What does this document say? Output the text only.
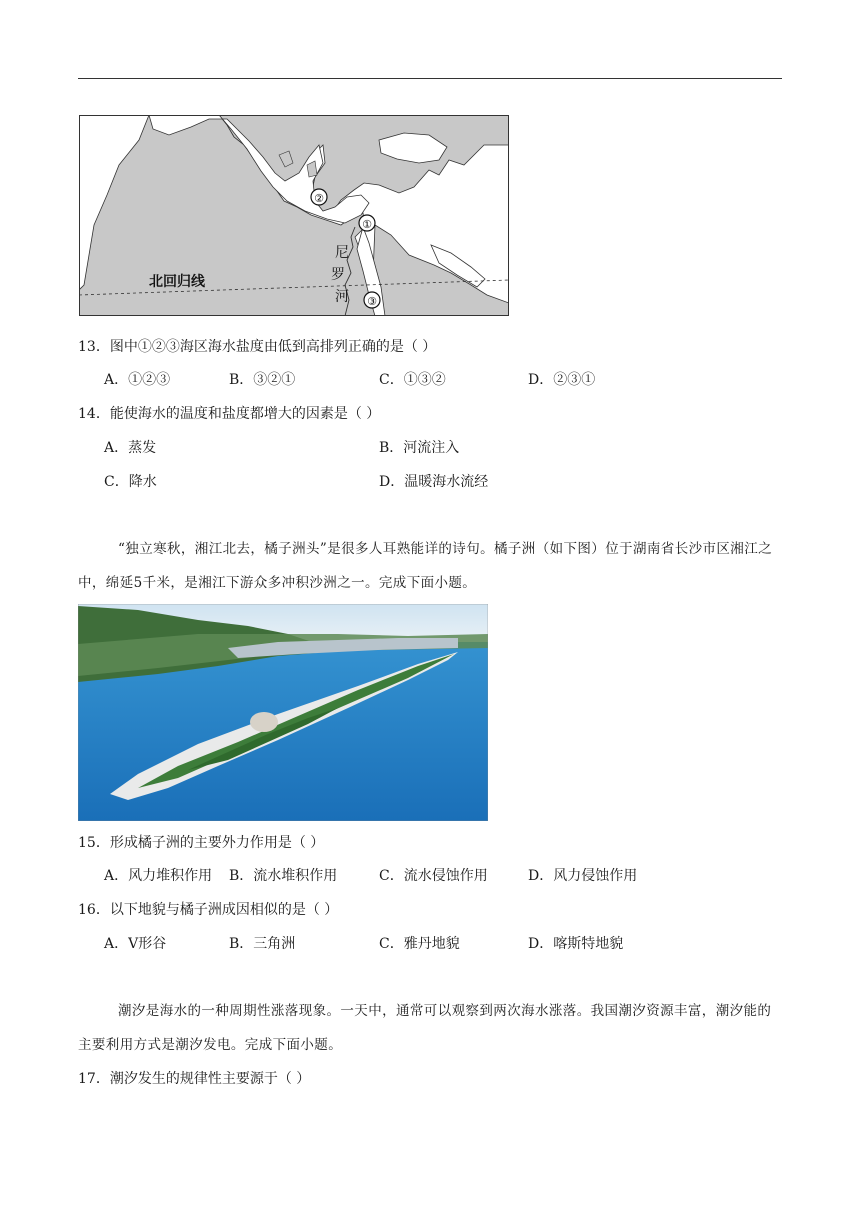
①
②
③
尼
罗
河
北回归线
13．图中①②③海区海水盐度由低到高排列正确的是（ ）
A．①②③	B．③②①	C．①③②	D．②③①
14．能使海水的温度和盐度都增大的因素是（ ）
A．蒸发	B．河流注入
C．降水	D．温暖海水流经
“独立寒秋，湘江北去，橘子洲头”是很多人耳熟能详的诗句。橘子洲（如下图）位于湖南省长沙市区湘江之中，绵延5千米，是湘江下游众多冲积沙洲之一。完成下面小题。
15．形成橘子洲的主要外力作用是（ ）
A．风力堆积作用 B．流水堆积作用	C．流水侵蚀作用	D．风力侵蚀作用
16．以下地貌与橘子洲成因相似的是（ ）
A．V形谷	B．三角洲	C．雅丹地貌	D．喀斯特地貌
潮汐是海水的一种周期性涨落现象。一天中，通常可以观察到两次海水涨落。我国潮汐资源丰富，潮汐能的主要利用方式是潮汐发电。完成下面小题。
17．潮汐发生的规律性主要源于（ ）
